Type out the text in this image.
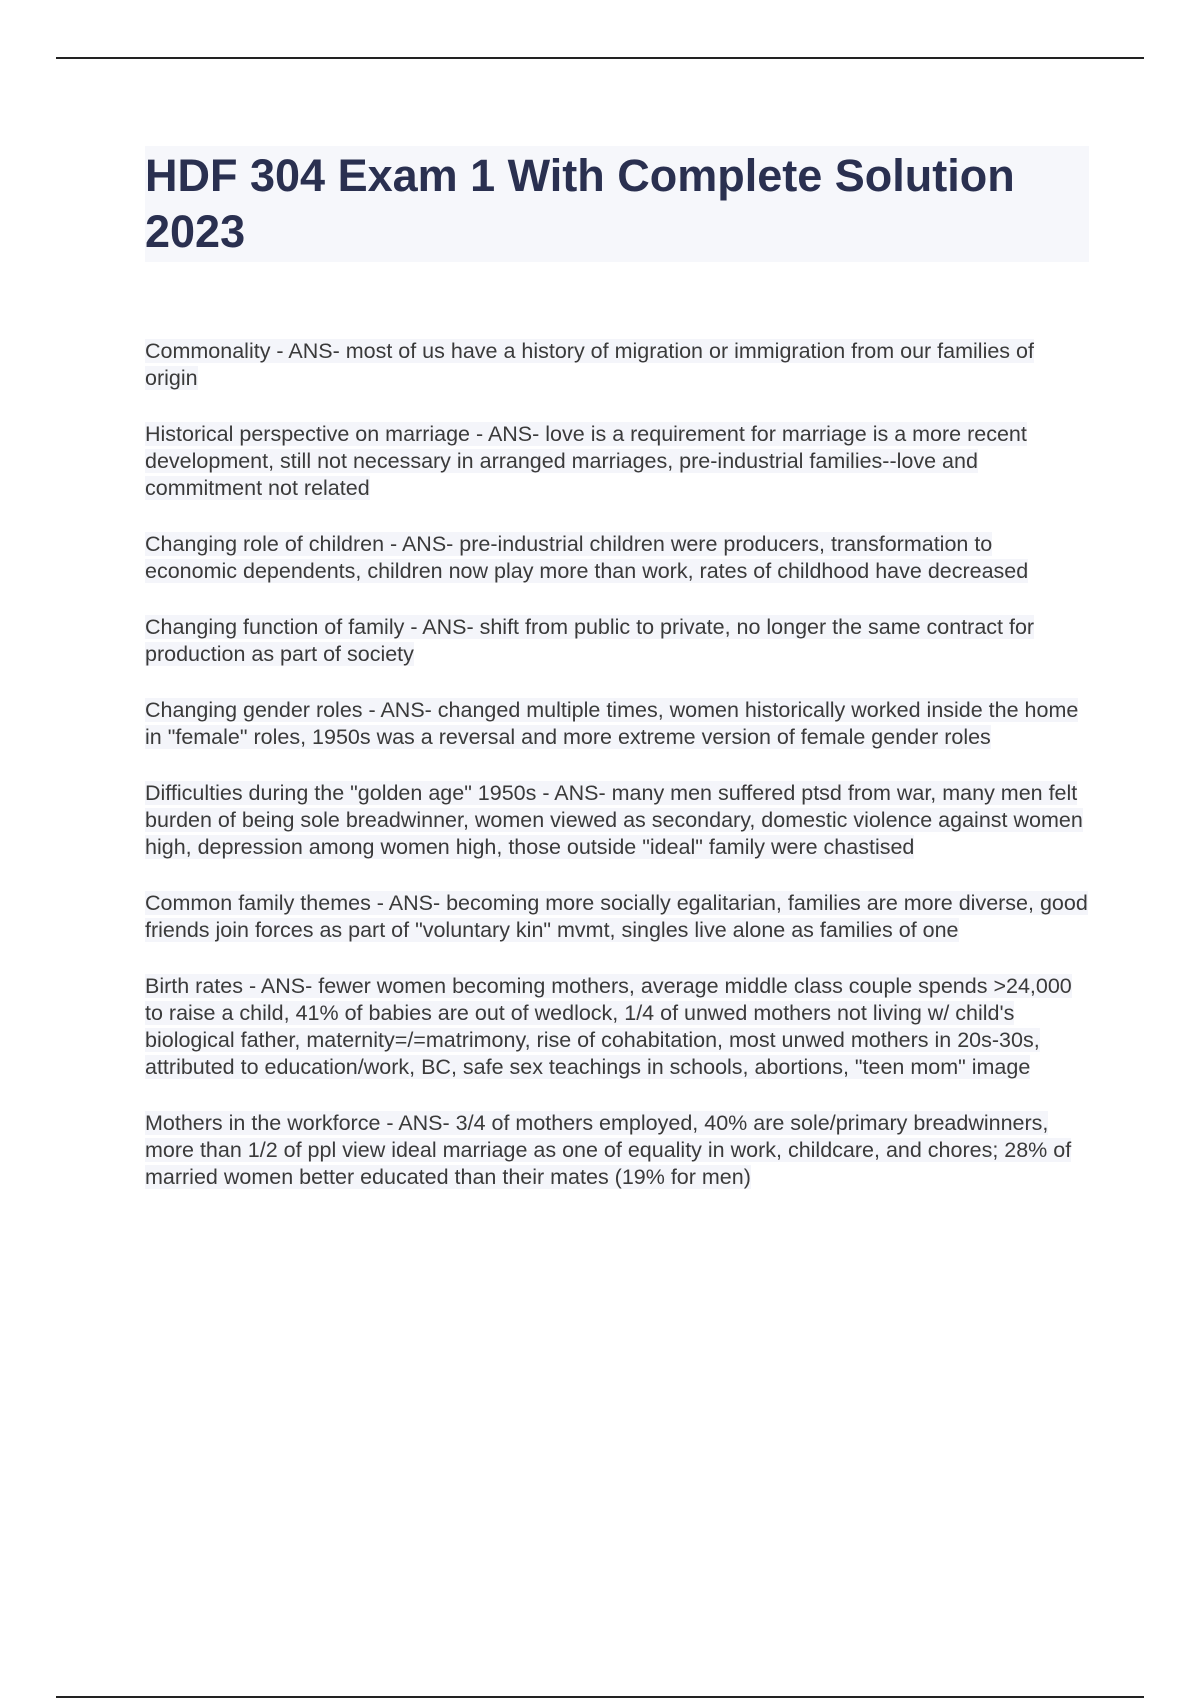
HDF 304 Exam 1 With Complete Solution 2023

Commonality - ANS- most of us have a history of migration or immigration from our families of origin

Historical perspective on marriage - ANS- love is a requirement for marriage is a more recent development, still not necessary in arranged marriages, pre-industrial families--love and commitment not related

Changing role of children - ANS- pre-industrial children were producers, transformation to economic dependents, children now play more than work, rates of childhood have decreased

Changing function of family - ANS- shift from public to private, no longer the same contract for production as part of society

Changing gender roles - ANS- changed multiple times, women historically worked inside the home in "female" roles, 1950s was a reversal and more extreme version of female gender roles

Difficulties during the "golden age" 1950s - ANS- many men suffered ptsd from war, many men felt burden of being sole breadwinner, women viewed as secondary, domestic violence against women high, depression among women high, those outside "ideal" family were chastised

Common family themes - ANS- becoming more socially egalitarian, families are more diverse, good friends join forces as part of "voluntary kin" mvmt, singles live alone as families of one

Birth rates - ANS- fewer women becoming mothers, average middle class couple spends >24,000 to raise a child, 41% of babies are out of wedlock, 1/4 of unwed mothers not living w/ child's biological father, maternity=/=matrimony, rise of cohabitation, most unwed mothers in 20s-30s, attributed to education/work, BC, safe sex teachings in schools, abortions, "teen mom" image

Mothers in the workforce - ANS- 3/4 of mothers employed, 40% are sole/primary breadwinners, more than 1/2 of ppl view ideal marriage as one of equality in work, childcare, and chores; 28% of married women better educated than their mates (19% for men)
